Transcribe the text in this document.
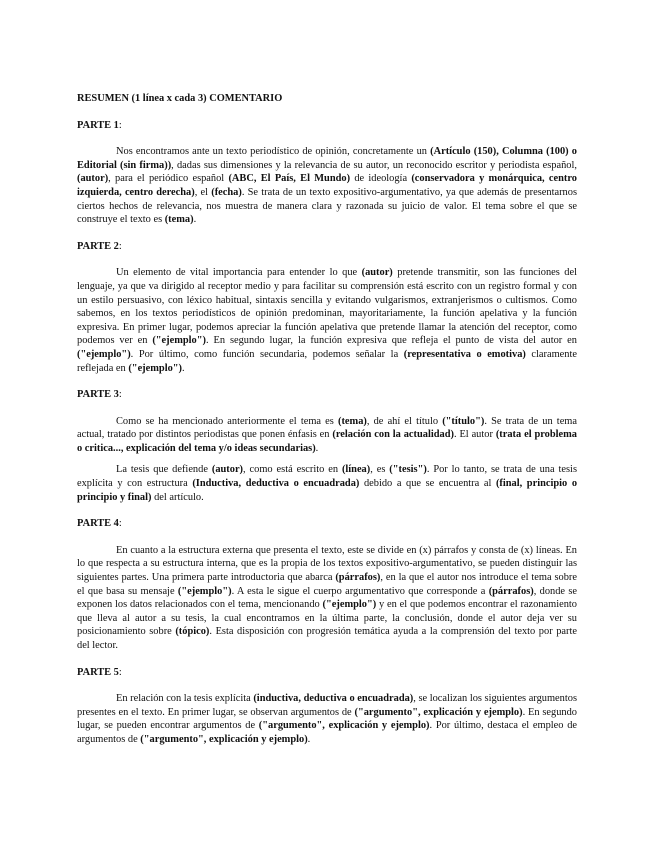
RESUMEN (1 línea x cada 3) COMENTARIO

PARTE 1:

Nos encontramos ante un texto periodístico de opinión, concretamente un (Artículo (150), Columna (100) o Editorial (sin firma)), dadas sus dimensiones y la relevancia de su autor, un reconocido escritor y periodista español, (autor), para el periódico español (ABC, El País, El Mundo) de ideología (conservadora y monárquica, centro izquierda, centro derecha), el (fecha). Se trata de un texto expositivo-argumentativo, ya que además de presentarnos ciertos hechos de relevancia, nos muestra de manera clara y razonada su juicio de valor. El tema sobre el que se construye el texto es (tema).

PARTE 2:

Un elemento de vital importancia para entender lo que (autor) pretende transmitir, son las funciones del lenguaje, ya que va dirigido al receptor medio y para facilitar su comprensión está escrito con un registro formal y con un estilo persuasivo, con léxico habitual, sintaxis sencilla y evitando vulgarismos, extranjerismos o cultismos. Como sabemos, en los textos periodísticos de opinión predominan, mayoritariamente, la función apelativa y la función expresiva. En primer lugar, podemos apreciar la función apelativa que pretende llamar la atención del receptor, como podemos ver en ("ejemplo"). En segundo lugar, la función expresiva que refleja el punto de vista del autor en ("ejemplo"). Por último, como función secundaria, podemos señalar la (representativa o emotiva) claramente reflejada en ("ejemplo").

PARTE 3:

Como se ha mencionado anteriormente el tema es (tema), de ahí el título ("título"). Se trata de un tema actual, tratado por distintos periodistas que ponen énfasis en (relación con la actualidad). El autor (trata el problema o critica..., explicación del tema y/o ideas secundarias).

La tesis que defiende (autor), como está escrito en (línea), es ("tesis"). Por lo tanto, se trata de una tesis explícita y con estructura (Inductiva, deductiva o encuadrada) debido a que se encuentra al (final, principio o principio y final) del artículo.

PARTE 4:

En cuanto a la estructura externa que presenta el texto, este se divide en (x) párrafos y consta de (x) líneas. En lo que respecta a su estructura interna, que es la propia de los textos expositivo-argumentativo, se pueden distinguir las siguientes partes. Una primera parte introductoria que abarca (párrafos), en la que el autor nos introduce el tema sobre el que basa su mensaje ("ejemplo"). A esta le sigue el cuerpo argumentativo que corresponde a (párrafos), donde se exponen los datos relacionados con el tema, mencionando ("ejemplo") y en el que podemos encontrar el razonamiento que lleva al autor a su tesis, la cual encontramos en la última parte, la conclusión, donde el autor deja ver su posicionamiento sobre (tópico). Esta disposición con progresión temática ayuda a la comprensión del texto por parte del lector.

PARTE 5:

En relación con la tesis explícita (inductiva, deductiva o encuadrada), se localizan los siguientes argumentos presentes en el texto. En primer lugar, se observan argumentos de ("argumento", explicación y ejemplo). En segundo lugar, se pueden encontrar argumentos de ("argumento", explicación y ejemplo). Por último, destaca el empleo de argumentos de ("argumento", explicación y ejemplo).
